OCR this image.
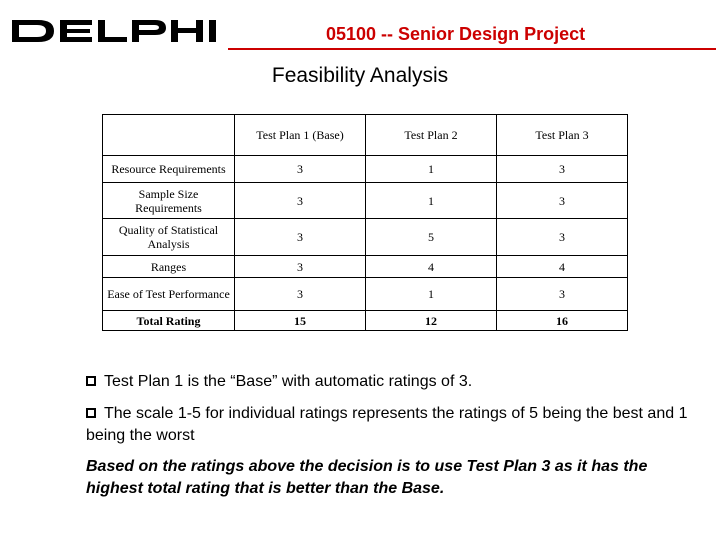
05100 -- Senior Design Project
Feasibility Analysis
	Test Plan 1 (Base)	Test Plan 2	Test Plan 3
Resource Requirements	3	1	3
Sample Size Requirements	3	1	3
Quality of Statistical Analysis	3	5	3
Ranges	3	4	4
Ease of Test Performance	3	1	3
Total Rating	15	12	16
Test Plan 1 is the “Base” with automatic ratings of 3.
The scale 1-5 for individual ratings represents the ratings of 5 being the best and 1 being the worst
Based on the ratings above the decision is to use Test Plan 3 as it has the highest total rating that is better than the Base.
